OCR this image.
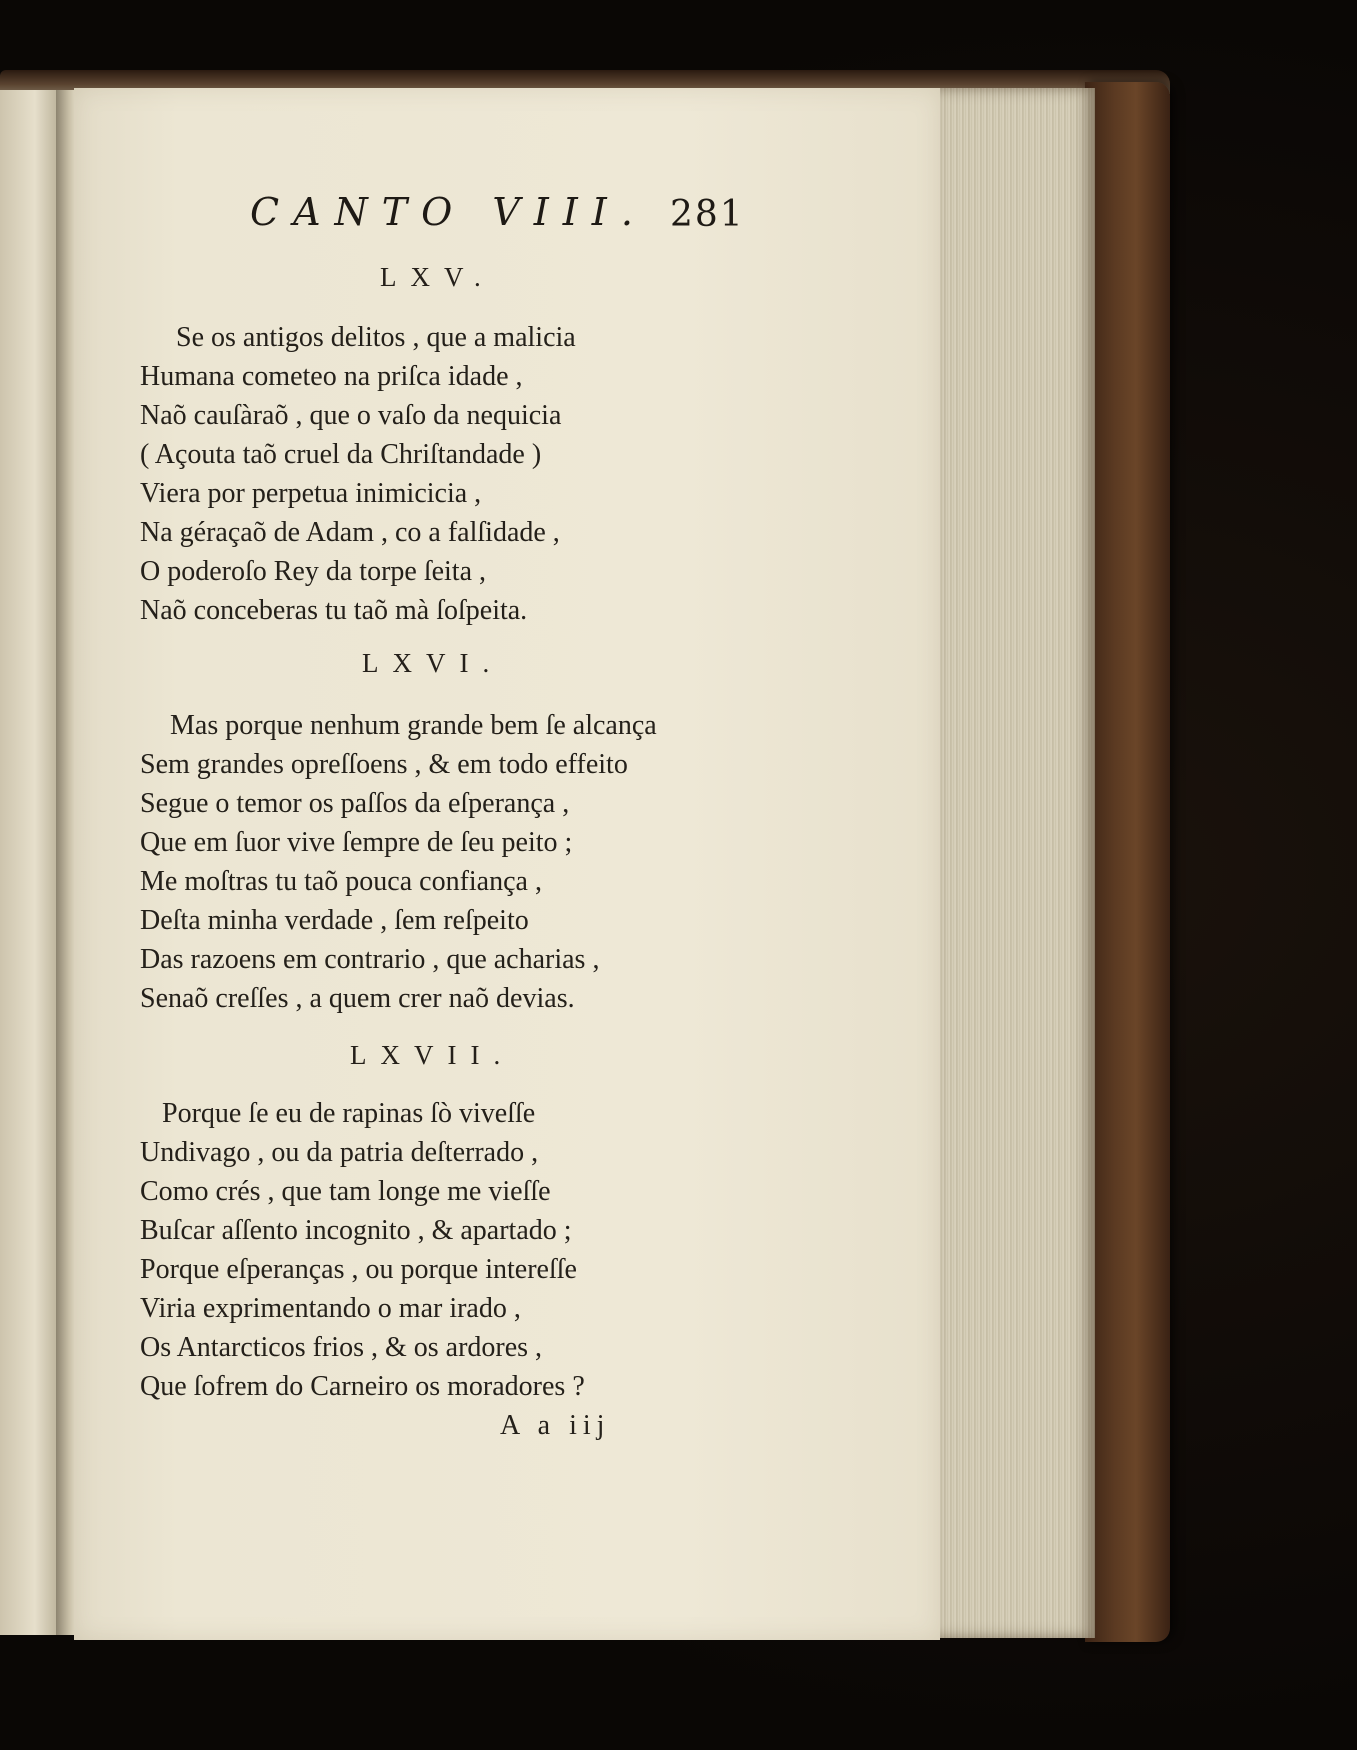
CANTO VIII. 281
LXV.
Se os antigos delitos , que a malicia
Humana cometeo na priſca idade ,
Naõ cauſàraõ , que o vaſo da nequicia
( Açouta taõ cruel da Chriſtandade )
Viera por perpetua inimicicia ,
Na géraçaõ de Adam , co a falſidade ,
O poderoſo Rey da torpe ſeita ,
Naõ conceberas tu taõ mà ſoſpeita.
LXVI.
Mas porque nenhum grande bem ſe alcança
Sem grandes opreſſoens , & em todo effeito
Segue o temor os paſſos da eſperança ,
Que em ſuor vive ſempre de ſeu peito ;
Me moſtras tu taõ pouca confiança ,
Deſta minha verdade , ſem reſpeito
Das razoens em contrario , que acharias ,
Senaõ creſſes , a quem crer naõ devias.
LXVII.
Porque ſe eu de rapinas ſò viveſſe
Undivago , ou da patria deſterrado ,
Como crés , que tam longe me vieſſe
Buſcar aſſento incognito , & apartado ;
Porque eſperanças , ou porque intereſſe
Viria exprimentando o mar irado ,
Os Antarcticos frios , & os ardores ,
Que ſofrem do Carneiro os moradores ?
A a iij
